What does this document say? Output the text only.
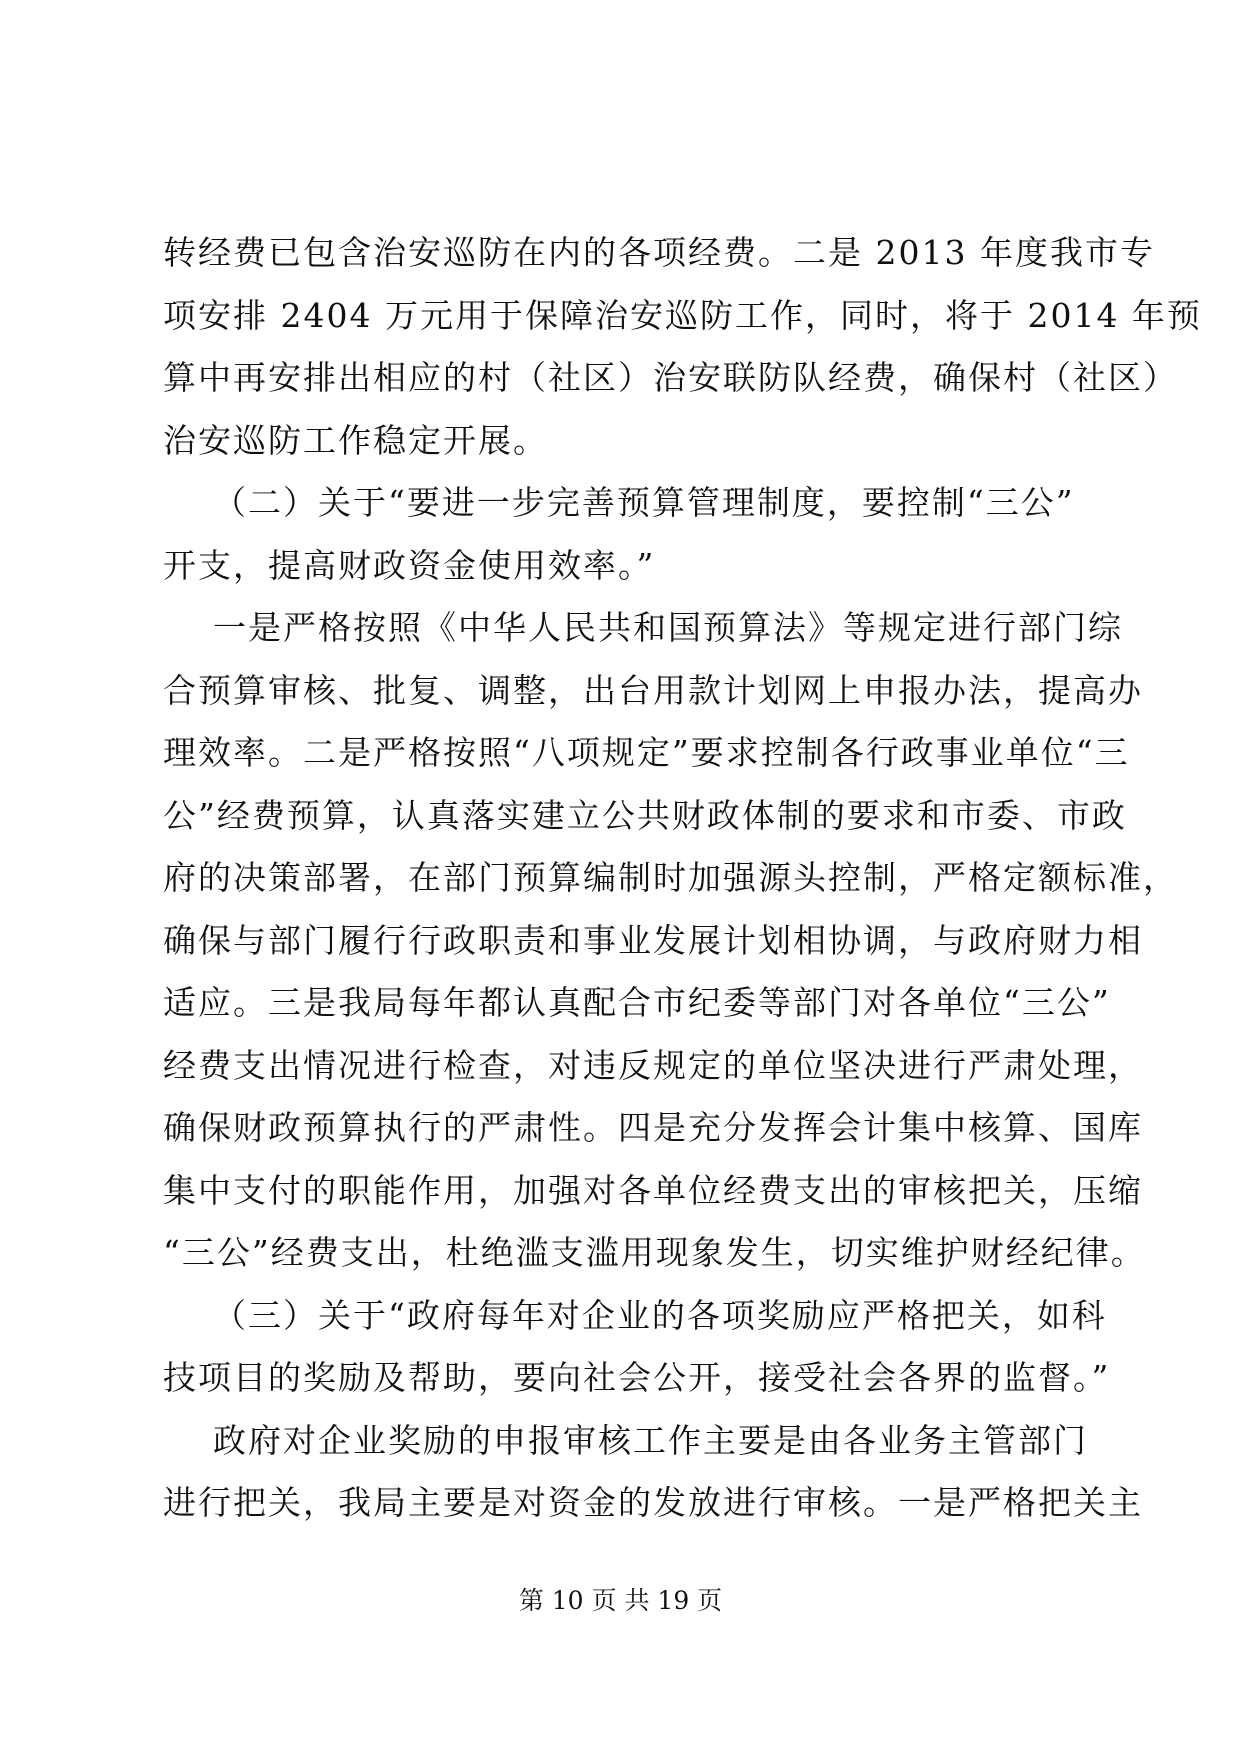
转经费已包含治安巡防在内的各项经费。二是 2013 年度我市专
项安排 2404 万元用于保障治安巡防工作，同时，将于 2014 年预
算中再安排出相应的村（社区）治安联防队经费，确保村（社区）
治安巡防工作稳定开展。
（二）关于“要进一步完善预算管理制度，要控制“三公”
开支，提高财政资金使用效率。”
一是严格按照《中华人民共和国预算法》等规定进行部门综
合预算审核、批复、调整，出台用款计划网上申报办法，提高办
理效率。二是严格按照“八项规定”要求控制各行政事业单位“三
公”经费预算，认真落实建立公共财政体制的要求和市委、市政
府的决策部署，在部门预算编制时加强源头控制，严格定额标准，
确保与部门履行行政职责和事业发展计划相协调，与政府财力相
适应。三是我局每年都认真配合市纪委等部门对各单位“三公”
经费支出情况进行检查，对违反规定的单位坚决进行严肃处理，
确保财政预算执行的严肃性。四是充分发挥会计集中核算、国库
集中支付的职能作用，加强对各单位经费支出的审核把关，压缩
“三公”经费支出，杜绝滥支滥用现象发生，切实维护财经纪律。
（三）关于“政府每年对企业的各项奖励应严格把关，如科
技项目的奖励及帮助，要向社会公开，接受社会各界的监督。”
政府对企业奖励的申报审核工作主要是由各业务主管部门
进行把关，我局主要是对资金的发放进行审核。一是严格把关主
第 10 页 共 19 页
